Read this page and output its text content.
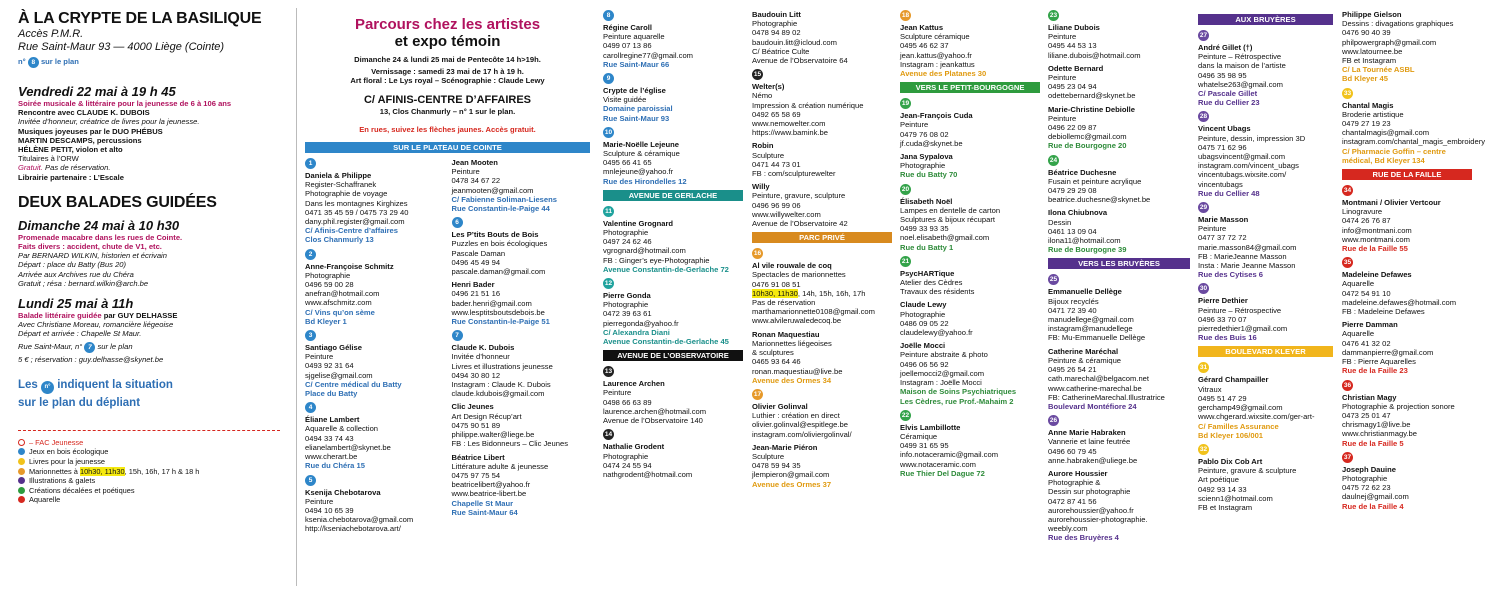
À LA CRYPTE DE LA BASILIQUE
Accès P.M.R.
Rue Saint-Maur 93 — 4000 Liège (Cointe)
n° 8 sur le plan
Vendredi 22 mai à 19 h 45
Soirée musicale & littéraire pour la jeunesse de 6 à 106 ans
Rencontre avec CLAUDE K. DUBOIS
Invitée d’honneur, créatrice de livres pour la jeunesse.
Musiques joyeuses par le DUO PHÉBUS
MARTIN DESCAMPS, percussions
HÉLÈNE PETIT, violon et alto
Titulaires à l’ORW
Gratuit. Pas de réservation.
Librairie partenaire : L’Escale
DEUX BALADES GUIDÉES
Dimanche 24 mai à 10 h30
Promenade macabre dans les rues de Cointe.
Faits divers : accident, chute de V1, etc.
Par BERNARD WILKIN, historien et écrivain
Départ : place du Batty (Bus 20)
Arrivée aux Archives rue du Chéra
Gratuit ; résa : bernard.wilkin@arch.be
Lundi 25 mai à 11h
Balade littéraire guidée par GUY DELHASSE
Avec Christiane Moreau, romancière liégeoise
Départ et arrivée : Chapelle St Maur.
Rue Saint-Maur, n° 7 sur le plan
5 € ; réservation : guy.delhasse@skynet.be
Les n° indiquent la situation
sur le plan du dépliant
– FAC Jeunesse
Jeux en bois écologique
Livres pour la jeunesse
Marionnettes à 10h30, 11h30, 15h, 16h, 17 h & 18 h
Illustrations & galets
Créations décalées et poétiques
Aquarelle
Parcours chez les artistes
et expo témoin
Dimanche 24 & lundi 25 mai de Pentecôte 14 h>19h.
Vernissage : samedi 23 mai de 17 h à 19 h.
Art floral : Le Lys royal – Scénographie : Claude Lewy
C/ AFINIS-CENTRE D’AFFAIRES
13, Clos Chanmurly – n° 1 sur le plan.
En rues, suivez les flèches jaunes. Accès gratuit.
SUR LE PLATEAU DE COINTE
1
Daniela & Philippe
Register-Schaffranek
Photographie de voyage
Dans les montagnes Kirghizes
0471 35 45 59 / 0475 73 29 40
dany.phil.register@gmail.com
C/ Afinis-Centre d’affaires
Clos Chanmurly 13
2
Anne-Françoise Schmitz
Photographie
0496 59 00 28
anefran@hotmail.com
www.afschmitz.com
C/ Vins qu’on sème
Bd Kleyer 1
3
Santiago Gélise
Peinture
0493 92 31 64
sjgelise@gmail.com
C/ Centre médical du Batty
Place du Batty
4
Éliane Lambert
Aquarelle & collection
0494 33 74 43
elianelambert@skynet.be
www.cherart.be
Rue du Chéra 15
5
Ksenija Chebotarova
Peinture
0494 10 65 39
ksenia.chebotarova@gmail.com
http://kseniachebotarova.art/
Jean Mooten
Peinture
0478 34 67 22
jeanmooten@gmail.com
C/ Fabienne Soliman-Liesens
Rue Constantin-le-Paige 44
6
Les P’tits Bouts de Bois
Puzzles en bois écologiques
Pascale Daman
0496 45 49 94
pascale.daman@gmail.com
Henri Bader
0496 21 51 16
bader.henri@gmail.com
www.lesptitsboutsdebois.be
Rue Constantin-le-Paige 51
7
Claude K. Dubois
Invitée d’honneur
Livres et illustrations jeunesse
0494 30 80 12
Instagram : Claude K. Dubois
claude.kdubois@gmail.com
Clic Jeunes
Art Design Récup’art
0475 90 51 89
philippe.walter@liege.be
FB : Les Bidonneurs – Clic Jeunes
Béatrice Libert
Littérature adulte & jeunesse
0475 97 75 54
beatricelibert@yahoo.fr
www.beatrice-libert.be
Chapelle St Maur
Rue Saint-Maur 64
8
Régine Caroll
Peinture aquarelle
0499 07 13 86
carollregine77@gmail.com
Rue Saint-Maur 66
9
Crypte de l’église
Visite guidée
Domaine paroissial
Rue Saint-Maur 93
10
Marie-Noëlle Lejeune
Sculpture & céramique
0495 66 41 65
mnlejeune@yahoo.fr
Rue des Hirondelles 12
AVENUE DE GERLACHE
11
Valentine Grognard
Photographie
0497 24 62 46
vgrognard@hotmail.com
FB : Ginger’s eye-Photographie
Avenue Constantin-de-Gerlache 72
12
Pierre Gonda
Photographie
0472 39 63 61
pierregonda@yahoo.fr
C/ Alexandra Diani
Avenue Constantin-de-Gerlache 45
AVENUE DE L’OBSERVATOIRE
13
Laurence Archen
Peinture
0498 66 63 89
laurence.archen@hotmail.com
Avenue de l’Observatoire 140
14
Nathalie Grodent
Photographie
0474 24 55 94
nathgrodent@hotmail.com
Baudouin Litt
Photographie
0478 94 89 02
baudouin.litt@icloud.com
C/ Béatrice Culte
Avenue de l’Observatoire 64
15
Welter(s)
Némo
Impression & création numérique
0492 65 58 69
www.nemowelter.com
https://www.bamink.be
Robin
Sculpture
0471 44 73 01
FB : com/sculpturewelter
Willy
Peinture, gravure, sculpture
0496 96 99 06
www.willywelter.com
Avenue de l’Observatoire 42
PARC PRIVÉ
16
Al vile rouwale de coq
Spectacles de marionnettes
0476 91 08 51
10h30, 11h30, 14h, 15h, 16h, 17h
Pas de réservation
marthamarionnette0108@gmail.com
www.alvileruwaledecoq.be
Ronan Maquestiau
Marionnettes liégeoises
& sculptures
0465 93 64 46
ronan.maquestiau@live.be
Avenue des Ormes 34
17
Olivier Golinval
Luthier : création en direct
olivier.golinval@espitlege.be
instagram.com/oliviergolinval/
Jean-Marie Piéron
Sculpture
0478 59 94 35
jlempieron@gmail.com
Avenue des Ormes 37
18
Jean Kattus
Sculpture céramique
0495 46 62 37
jean.kattus@yahoo.fr
Instagram : jeankattus
Avenue des Platanes 30
VERS LE PETIT-BOURGOGNE
19
Jean-François Cuda
Peinture
0479 76 08 02
jf.cuda@skynet.be
Jana Sypalova
Photographie
Rue du Batty 70
20
Élisabeth Noël
Lampes en dentelle de carton
Sculptures & bijoux récupart
0499 33 93 35
noel.elisabeth@gmail.com
Rue du Batty 1
21
PsycHARTique
Atelier des Cèdres
Travaux des résidents
Claude Lewy
Photographie
0486 09 05 22
claudelewy@yahoo.fr
Joëlle Mocci
Peinture abstraite & photo
0496 06 56 92
joellemocci2@gmail.com
Instagram : Joëlle Mocci
Maison de Soins Psychiatriques
Les Cèdres, rue Prof.-Mahaim 2
22
Elvis Lambillotte
Céramique
0499 31 65 95
info.notaceramic@gmail.com
www.notaceramic.com
Rue Thier Del Dague 72
23
Liliane Dubois
Peinture
0495 44 53 13
liliane.dubois@hotmail.com
Odette Bernard
Peinture
0495 23 04 94
odettebernard@skynet.be
Marie-Christine Debiolle
Peinture
0496 22 09 87
debiollemc@gmail.com
Rue de Bourgogne 20
24
Béatrice Duchesne
Fusain et peinture acrylique
0479 29 29 08
beatrice.duchesne@skynet.be
Ilona Chiubnova
Dessin
0461 13 09 04
ilona11@hotmail.com
Rue de Bourgogne 39
VERS LES BRUYÈRES
25
Emmanuelle Dellège
Bijoux recyclés
0471 72 39 40
manudellege@gmail.com
instagram@manudellege
FB: Mu-Emmanuelle Dellège
Catherine Maréchal
Peinture & céramique
0495 26 54 21
cath.marechal@belgacom.net
www.catherine-marechal.be
FB: CatherineMarechal.Illustratrice
Boulevard Montéfiore 24
26
Anne Marie Habraken
Vannerie et laine feutrée
0496 60 79 45
anne.habraken@uliege.be
Aurore Houssier
Photographie &
Dessin sur photographie
0472 87 41 56
aurorehoussier@yahoo.fr
aurorehoussier-photographie.
weebly.com
Rue des Bruyères 4
AUX BRUYÈRES
27
André Gillet (†)
Peinture – Rétrospective
dans la maison de l’artiste
0496 35 98 95
whatelse263@gmail.com
C/ Pascale Gillet
Rue du Cellier 23
28
Vincent Ubags
Peinture, dessin, impression 3D
0475 71 62 96
ubagsvincent@gmail.com
instagram.com/vincent_ubags
vincentubags.wixsite.com/
vincentubags
Rue du Cellier 48
29
Marie Masson
Peinture
0477 37 72 72
marie.masson84@gmail.com
FB : MarieJeanne Masson
Insta : Marie Jeanne Masson
Rue des Cytises 6
30
Pierre Dethier
Peinture – Rétrospective
0496 33 70 07
pierredethier1@gmail.com
Rue des Buis 16
BOULEVARD KLEYER
31
Gérard Champailler
Vitraux
0495 51 47 29
gerchamp49@gmail.com
www.chgerard.wixsite.com/ger-art-
C/ Familles Assurance
Bd Kleyer 106/001
32
Pablo Dix Cob Art
Peinture, gravure & sculpture
Art poétique
0492 93 14 33
scienn1@hotmail.com
FB et Instagram
Philippe Gielson
Dessins : divagations graphiques
0476 90 40 39
philpowergraph@gmail.com
www.latournee.be
FB et Instagram
C/ La Tournée ASBL
Bd Kleyer 45
33
Chantal Magis
Broderie artistique
0479 27 19 23
chantalmagis@gmail.com
instagram.com/chantal_magis_embroidery
C/ Pharmacie Goffin – centre
médical, Bd Kleyer 134
RUE DE LA FAILLE
34
Montmani / Olivier Vertcour
Linogravure
0474 26 76 87
info@montmani.com
www.montmani.com
Rue de la Faille 55
35
Madeleine Defawes
Aquarelle
0472 54 91 10
madeleine.defawes@hotmail.com
FB : Madeleine Defawes
Pierre Damman
Aquarelle
0476 41 32 02
dammanpierre@gmail.com
FB : Pierre Aquarelles
Rue de la Faille 23
36
Christian Magy
Photographie & projection sonore
0473 25 01 47
chrismagy1@live.be
www.christianmagy.be
Rue de la Faille 5
37
Joseph Dauine
Photographie
0475 72 62 23
daulnej@gmail.com
Rue de la Faille 4
